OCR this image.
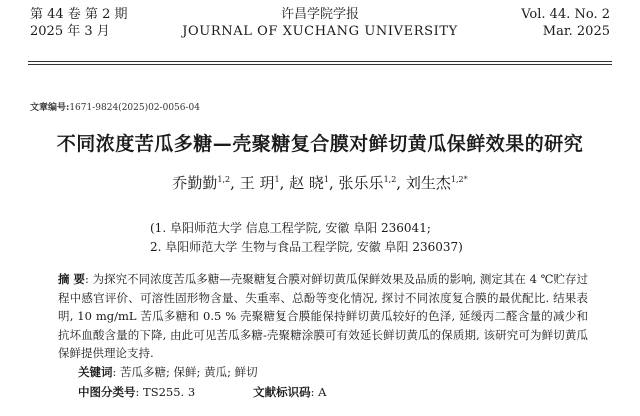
第 44 卷 第 2 期
2025 年 3 月
许昌学院学报
JOURNAL OF XUCHANG UNIVERSITY
Vol. 44. No. 2
Mar. 2025
文章编号:1671-9824(2025)02-0056-04
不同浓度苦瓜多糖—壳聚糖复合膜对鲜切黄瓜保鲜效果的研究
乔勤勤$^{1,2}$, 王 玥$^1$, 赵 晓$^1$, 张乐乐$^{1,2}$, 刘生杰$^{1,2*}$
(1. 阜阳师范大学 信息工程学院, 安徽 阜阳 236041;
2. 阜阳师范大学 生物与食品工程学院, 安徽 阜阳 236037)
摘 要: 为探究不同浓度苦瓜多糖—壳聚糖复合膜对鲜切黄瓜保鲜效果及品质的影响, 测定其在 4 ℃贮存过程中感官评价、可溶性固形物含量、失重率、总酚等变化情况, 探讨不同浓度复合膜的最优配比. 结果表明, 10 mg/mL 苦瓜多糖和 0.5 % 壳聚糖复合膜能保持鲜切黄瓜较好的色泽, 延缓丙二醛含量的减少和抗坏血酸含量的下降, 由此可见苦瓜多糖-壳聚糖涂膜可有效延长鲜切黄瓜的保质期, 该研究可为鲜切黄瓜保鲜提供理论支持.
关键词: 苦瓜多糖; 保鲜; 黄瓜; 鲜切
中图分类号: TS255. 3	文献标识码: A
